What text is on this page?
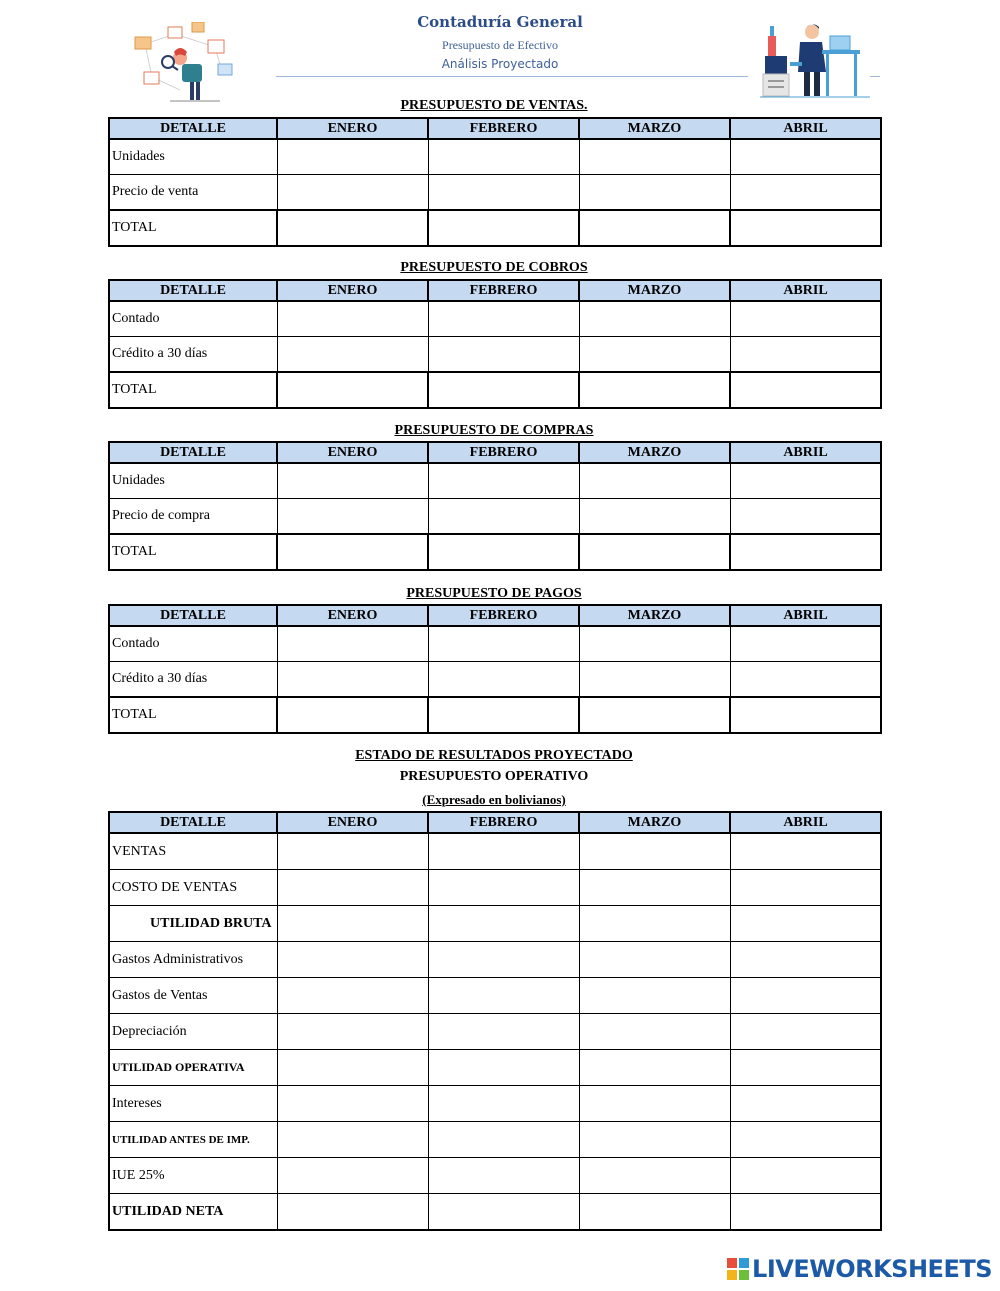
Contaduría General
Presupuesto de Efectivo
Análisis Proyectado
PRESUPUESTO DE VENTAS.
DETALLE	ENERO	FEBRERO	MARZO	ABRIL
Unidades				
Precio de venta				
TOTAL				
PRESUPUESTO DE COBROS
DETALLE	ENERO	FEBRERO	MARZO	ABRIL
Contado				
Crédito a 30 días				
TOTAL				
PRESUPUESTO DE COMPRAS
DETALLE	ENERO	FEBRERO	MARZO	ABRIL
Unidades				
Precio de compra				
TOTAL				
PRESUPUESTO DE PAGOS
DETALLE	ENERO	FEBRERO	MARZO	ABRIL
Contado				
Crédito a 30 días				
TOTAL				
ESTADO DE RESULTADOS PROYECTADO
PRESUPUESTO OPERATIVO
(Expresado en bolivianos)
DETALLE	ENERO	FEBRERO	MARZO	ABRIL
VENTAS				
COSTO DE VENTAS				
UTILIDAD BRUTA				
Gastos Administrativos				
Gastos de Ventas				
Depreciación				
UTILIDAD OPERATIVA				
Intereses				
UTILIDAD ANTES DE IMP.				
IUE 25%				
UTILIDAD NETA				
LIVEWORKSHEETS
